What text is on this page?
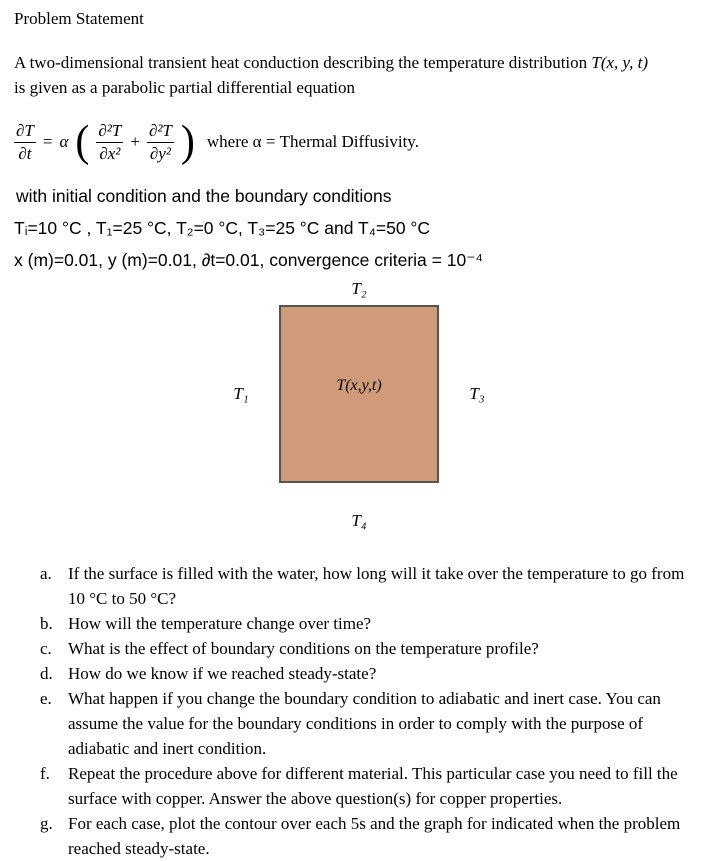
Problem Statement

A two-dimensional transient heat conduction describing the temperature distribution T(x, y, t)
is given as a parabolic partial differential equation

$\frac{\partial T}{\partial t} = \alpha$ ( $\frac{\text{∂²T}}{\text{∂x²}} + \frac{\text{∂²T}}{\text{∂y²}}$ ) where α = Thermal Diffusivity.
with initial condition and the boundary conditions
Tᵢ=10 °C , T₁=25 °C, T₂=0 °C, T₃=25 °C and T₄=50 °C
x (m)=0.01, y (m)=0.01, ∂t=0.01, convergence criteria = 10⁻⁴
T₂
T₁	T(x,y,t)	T₃
T₄
a. If the surface is filled with the water, how long will it take over the temperature to go from 10 °C to 50 °C?
b. How will the temperature change over time?
c. What is the effect of boundary conditions on the temperature profile?
d. How do we know if we reached steady-state?
e. What happen if you change the boundary condition to adiabatic and inert case. You can assume the value for the boundary conditions in order to comply with the purpose of adiabatic and inert condition.
f.	Repeat the procedure above for different material. This particular case you need to fill the surface with copper. Answer the above question(s) for copper properties.
g. For each case, plot the contour over each 5s and the graph for indicated when the problem reached steady-state.
